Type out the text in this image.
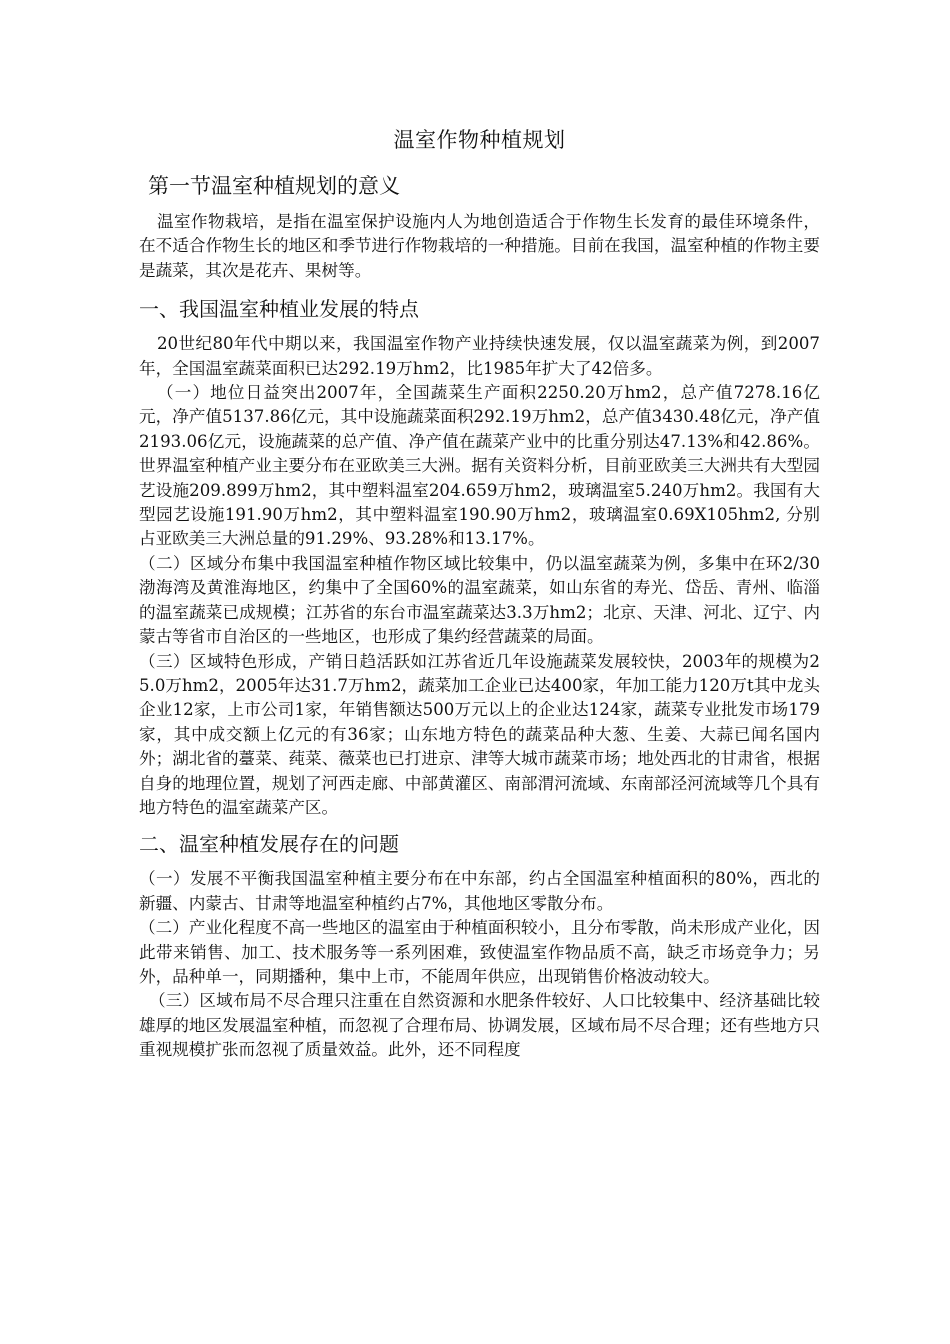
温室作物种植规划
第一节温室种植规划的意义

温室作物栽培，是指在温室保护设施内人为地创造适合于作物生长发育的最佳环境条件，在不适合作物生长的地区和季节进行作物栽培的一种措施。目前在我国，温室种植的作物主要是蔬菜，其次是花卉、果树等。

一、我国温室种植业发展的特点

20世纪80年代中期以来，我国温室作物产业持续快速发展，仅以温室蔬菜为例，到2007年，全国温室蔬菜面积已达292.19万hm2，比1985年扩大了42倍多。

（一）地位日益突出2007年，全国蔬菜生产面积2250.20万hm2，总产值7278.16亿元，净产值5137.86亿元，其中设施蔬菜面积292.19万hm2，总产值3430.48亿元，净产值2193.06亿元，设施蔬菜的总产值、净产值在蔬菜产业中的比重分别达47.13%和42.86%。世界温室种植产业主要分布在亚欧美三大洲。据有关资料分析，目前亚欧美三大洲共有大型园艺设施209.899万hm2，其中塑料温室204.659万hm2，玻璃温室5.240万hm2。我国有大型园艺设施191.90万hm2，其中塑料温室190.90万hm2，玻璃温室0.69X105hm2, 分别占亚欧美三大洲总量的91.29%、93.28%和13.17%。

（二）区域分布集中我国温室种植作物区域比较集中，仍以温室蔬菜为例，多集中在环2/30渤海湾及黄淮海地区，约集中了全国60%的温室蔬菜，如山东省的寿光、岱岳、青州、临淄的温室蔬菜已成规模；江苏省的东台市温室蔬菜达3.3万hm2；北京、天津、河北、辽宁、内蒙古等省市自治区的一些地区，也形成了集约经营蔬菜的局面。

（三）区域特色形成，产销日趋活跃如江苏省近几年设施蔬菜发展较快，2003年的规模为25.0万hm2，2005年达31.7万hm2，蔬菜加工企业已达400家，年加工能力120万t其中龙头企业12家，上市公司1家，年销售额达500万元以上的企业达124家，蔬菜专业批发市场179家，其中成交额上亿元的有36家；山东地方特色的蔬菜品种大葱、生姜、大蒜已闻名国内外；湖北省的薹菜、莼菜、薇菜也已打进京、津等大城市蔬菜市场；地处西北的甘肃省，根据自身的地理位置，规划了河西走廊、中部黄灌区、南部渭河流域、东南部泾河流域等几个具有地方特色的温室蔬菜产区。

二、温室种植发展存在的问题

（一）发展不平衡我国温室种植主要分布在中东部，约占全国温室种植面积的80%，西北的新疆、内蒙古、甘肃等地温室种植约占7%，其他地区零散分布。

（二）产业化程度不高一些地区的温室由于种植面积较小，且分布零散，尚未形成产业化，因此带来销售、加工、技术服务等一系列困难，致使温室作物品质不高，缺乏市场竞争力；另外，品种单一，同期播种，集中上市，不能周年供应，出现销售价格波动较大。

（三）区域布局不尽合理只注重在自然资源和水肥条件较好、人口比较集中、经济基础比较雄厚的地区发展温室种植，而忽视了合理布局、协调发展，区域布局不尽合理；还有些地方只重视规模扩张而忽视了质量效益。此外，还不同程度
